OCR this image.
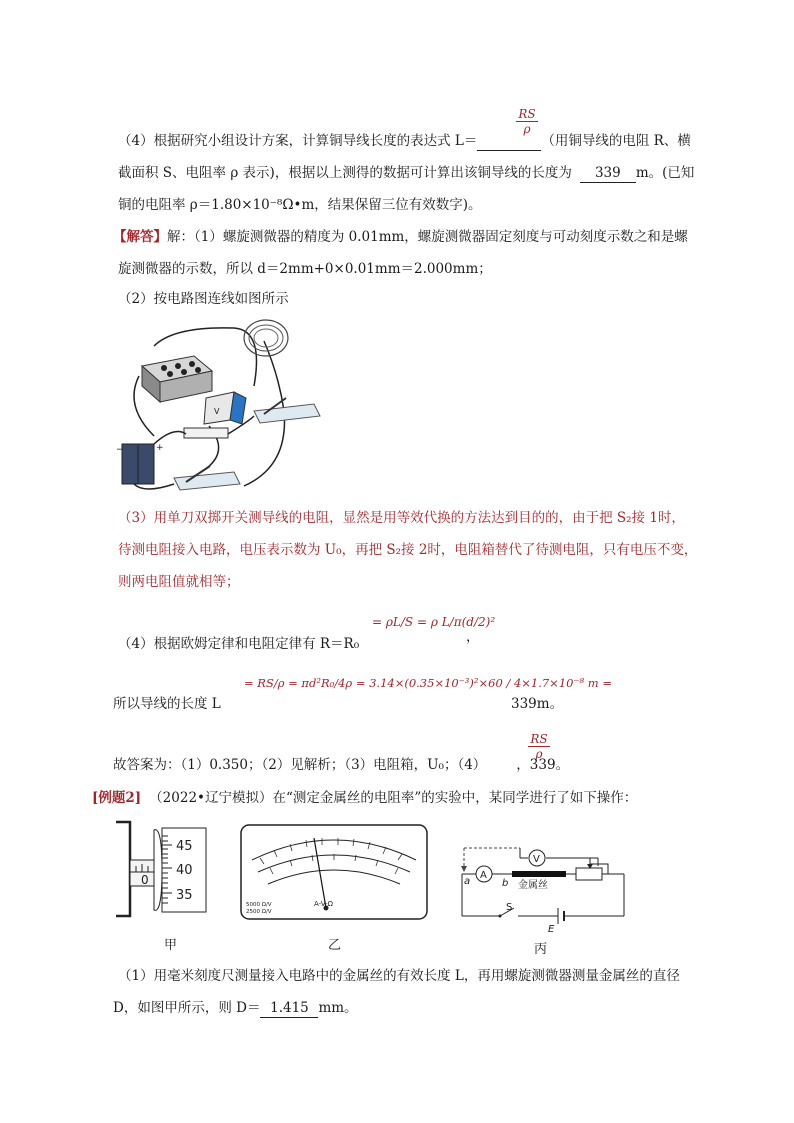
$\frac{RS}{\rho}$
（4）根据研究小组设计方案，计算铜导线长度的表达式 L＝	（用铜导线的电阻 R、横
截面积 S、电阻率 ρ 表示)，根据以上测得的数据可计算出该铜导线的长度为 339 m。(已知
铜的电阻率 ρ＝1.80×10⁻⁸Ω•m，结果保留三位有效数字)。
【解答】解：（1）螺旋测微器的精度为 0.01mm，螺旋测微器固定刻度与可动刻度示数之和是螺
旋测微器的示数，所以 d＝2mm+0×0.01mm＝2.000mm；
（2）按电路图连线如图所示
V
−	+
（3）用单刀双掷开关测导线的电阻，显然是用等效代换的方法达到目的的，由于把 S₂接 1时，
待测电阻接入电路，电压表示数为 U₀，再把 S₂接 2时，电阻箱替代了待测电阻，只有电压不变，
则两电阻值就相等；
（4）根据欧姆定律和电阻定律有 R＝R₀
= ρL/S = ρ L/π(d/2)²
，
所以导线的长度 L
= RS/ρ = πd²R₀/4ρ = 3.14×(0.35×10⁻³)²×60 / 4×1.7×10⁻⁸ m =
339m。
$\frac{RS}{\rho}$
故答案为：（1）0.350；（2）见解析；（3）电阻箱，U₀；（4） ，339。
[例题2] （2022•辽宁模拟）在“测定金属丝的电阻率”的实验中，某同学进行了如下操作：
0
45
40
35
甲
A-V-Ω
5000 Ω/V
2500 Ω/V
乙
V
A
a	b 金属丝
S
E
丙
（1）用毫米刻度尺测量接入电路中的金属丝的有效长度 L，再用螺旋测微器测量金属丝的直径
D，如图甲所示，则 D＝ 1.415 mm。
